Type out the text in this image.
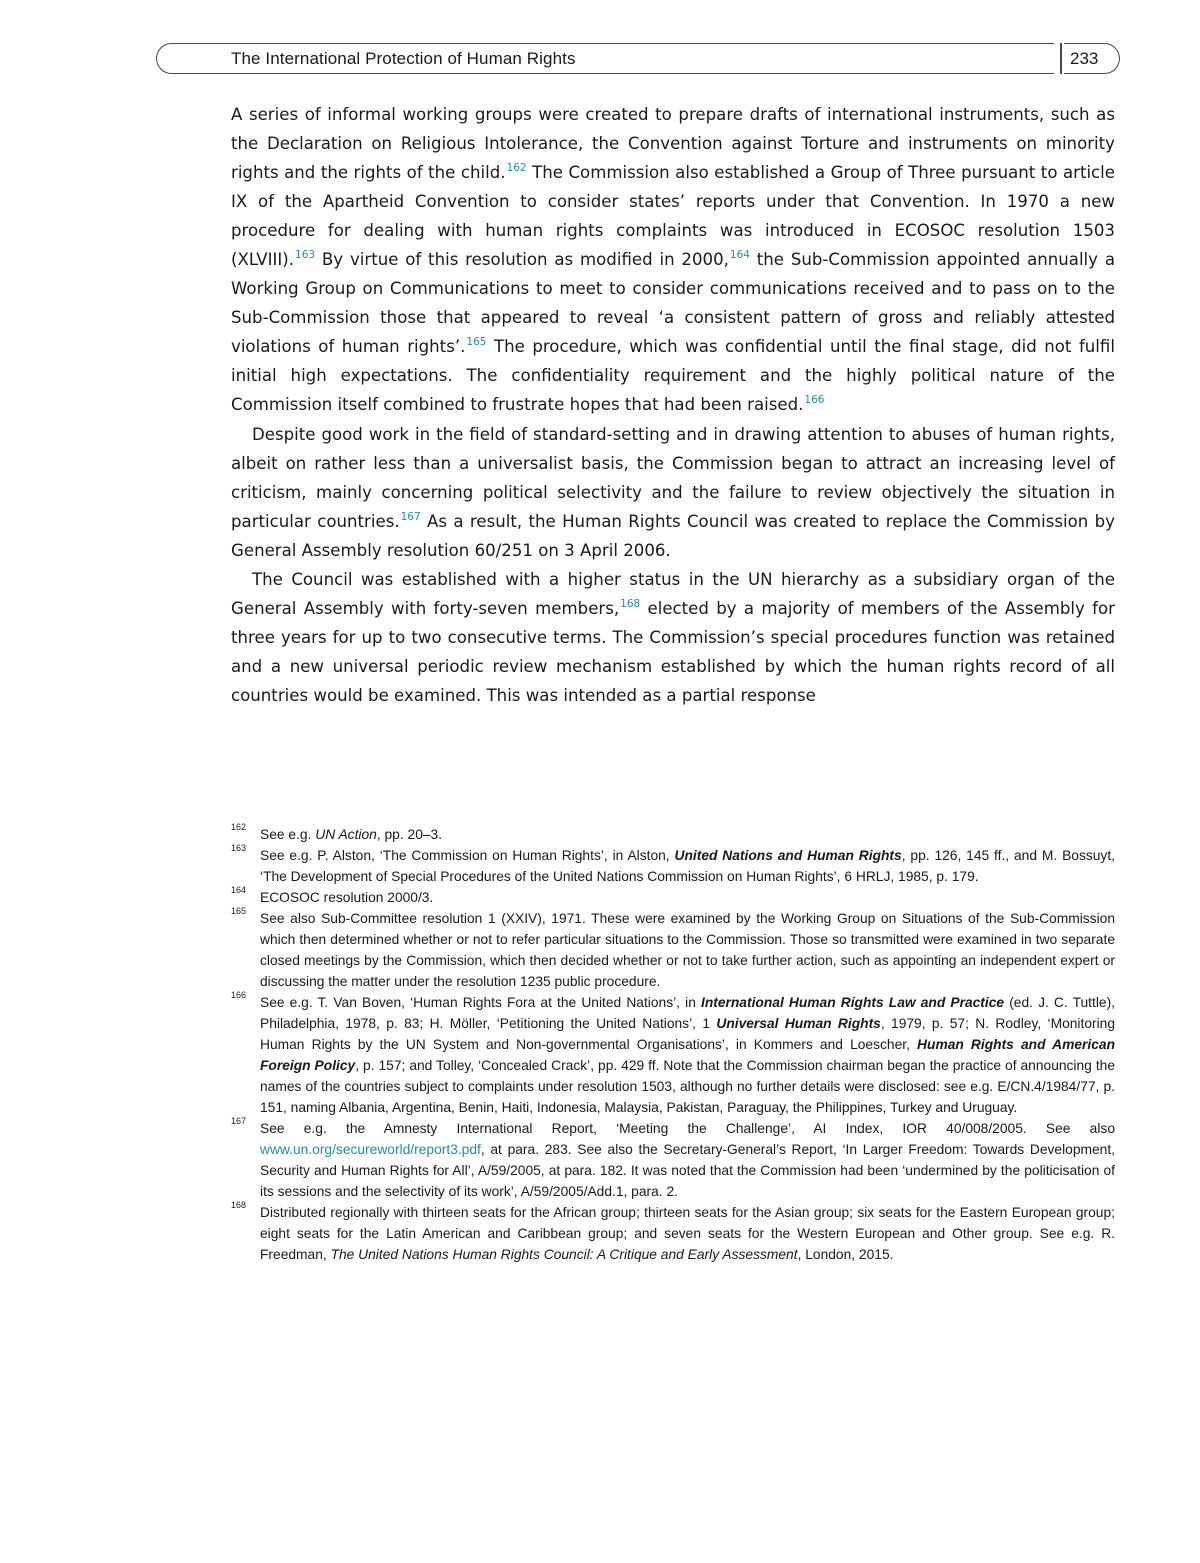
The International Protection of Human Rights	233

A series of informal working groups were created to prepare drafts of international instruments, such as the Declaration on Religious Intolerance, the Convention against Torture and instruments on minority rights and the rights of the child.$^{162}$ The Commission also established a Group of Three pursuant to article IX of the Apartheid Convention to consider states’ reports under that Convention. In 1970 a new procedure for dealing with human rights complaints was introduced in ECOSOC resolution 1503 (XLVIII).$^{163}$ By virtue of this resolution as modified in 2000,$^{164}$ the Sub-Commission appointed annually a Working Group on Communications to meet to consider communications received and to pass on to the Sub-Commission those that appeared to reveal ‘a consistent pattern of gross and reliably attested violations of human rights’.$^{165}$ The procedure, which was confidential until the final stage, did not fulfil initial high expectations. The confidentiality requirement and the highly political nature of the Commission itself combined to frustrate hopes that had been raised.$^{166}$

Despite good work in the field of standard-setting and in drawing attention to abuses of human rights, albeit on rather less than a universalist basis, the Commission began to attract an increasing level of criticism, mainly concerning political selectivity and the failure to review objectively the situation in particular countries.$^{167}$ As a result, the Human Rights Council was created to replace the Commission by General Assembly resolution 60/251 on 3 April 2006.

The Council was established with a higher status in the UN hierarchy as a subsidiary organ of the General Assembly with forty-seven members,$^{168}$ elected by a majority of members of the Assembly for three years for up to two consecutive terms. The Commission’s special procedures function was retained and a new universal periodic review mechanism established by which the human rights record of all countries would be examined. This was intended as a partial response

162 See e.g. UN Action, pp. 20–3.
163 See e.g. P. Alston, ‘The Commission on Human Rights’, in Alston, United Nations and Human Rights, pp. 126, 145 ff., and M. Bossuyt, ‘The Development of Special Procedures of the United Nations Commission on Human Rights’, 6 HRLJ, 1985, p. 179.
164 ECOSOC resolution 2000/3.
165 See also Sub-Committee resolution 1 (XXIV), 1971. These were examined by the Working Group on Situations of the Sub-Commission which then determined whether or not to refer particular situations to the Commission. Those so transmitted were examined in two separate closed meetings by the Commission, which then decided whether or not to take further action, such as appointing an independent expert or discussing the matter under the resolution 1235 public procedure.
166 See e.g. T. Van Boven, ‘Human Rights Fora at the United Nations’, in International Human Rights Law and Practice (ed. J. C. Tuttle), Philadelphia, 1978, p. 83; H. Möller, ‘Petitioning the United Nations’, 1 Universal Human Rights, 1979, p. 57; N. Rodley, ‘Monitoring Human Rights by the UN System and Non-governmental Organisations’, in Kommers and Loescher, Human Rights and American Foreign Policy, p. 157; and Tolley, ‘Concealed Crack’, pp. 429 ff. Note that the Commission chairman began the practice of announcing the names of the countries subject to complaints under resolution 1503, although no further details were disclosed: see e.g. E/CN.4/1984/77, p. 151, naming Albania, Argentina, Benin, Haiti, Indonesia, Malaysia, Pakistan, Paraguay, the Philippines, Turkey and Uruguay.
167 See e.g. the Amnesty International Report, ‘Meeting the Challenge’, AI Index, IOR 40/008/2005. See also www.un.org/secureworld/report3.pdf, at para. 283. See also the Secretary-General’s Report, ‘In Larger Freedom: Towards Development, Security and Human Rights for All’, A/59/2005, at para. 182. It was noted that the Commission had been ‘undermined by the politicisation of its sessions and the selectivity of its work’, A/59/2005/Add.1, para. 2.
168 Distributed regionally with thirteen seats for the African group; thirteen seats for the Asian group; six seats for the Eastern European group; eight seats for the Latin American and Caribbean group; and seven seats for the Western European and Other group. See e.g. R. Freedman, The United Nations Human Rights Council: A Critique and Early Assessment, London, 2015.
